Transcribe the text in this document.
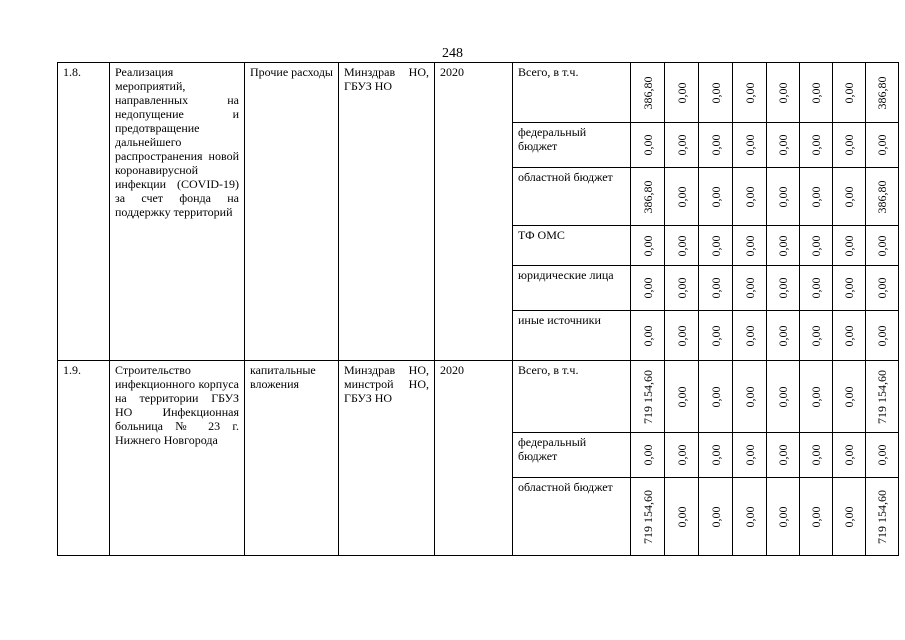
248
1.8.	Реализация мероприятий, направленных на недопущение и предотвращение дальнейшего распространения новой коронавирусной инфекции (COVID-19) за счет фонда на поддержку территорий	Прочие расходы	Минздрав НО, ГБУЗ НО	2020	Всего, в т.ч.	386,80	0,00	0,00	0,00	0,00	0,00	0,00	386,80

					федеральный бюджет	0,00	0,00	0,00	0,00	0,00	0,00	0,00	0,00

					областной бюджет	386,80	0,00	0,00	0,00	0,00	0,00	0,00	386,80

					ТФ ОМС	0,00	0,00	0,00	0,00	0,00	0,00	0,00	0,00

					юридические лица	0,00	0,00	0,00	0,00	0,00	0,00	0,00	0,00

					иные источники	0,00	0,00	0,00	0,00	0,00	0,00	0,00	0,00

1.9.	Строительство инфекционного корпуса на территории ГБУЗ НО Инфекционная больница № 23 г. Нижнего Новгорода	капитальные вложения	Минздрав НО, минстрой НО, ГБУЗ НО	2020	Всего, в т.ч.	719 154,60	0,00	0,00	0,00	0,00	0,00	0,00	719 154,60

					федеральный бюджет	0,00	0,00	0,00	0,00	0,00	0,00	0,00	0,00

					областной бюджет	719 154,60	0,00	0,00	0,00	0,00	0,00	0,00	719 154,60
